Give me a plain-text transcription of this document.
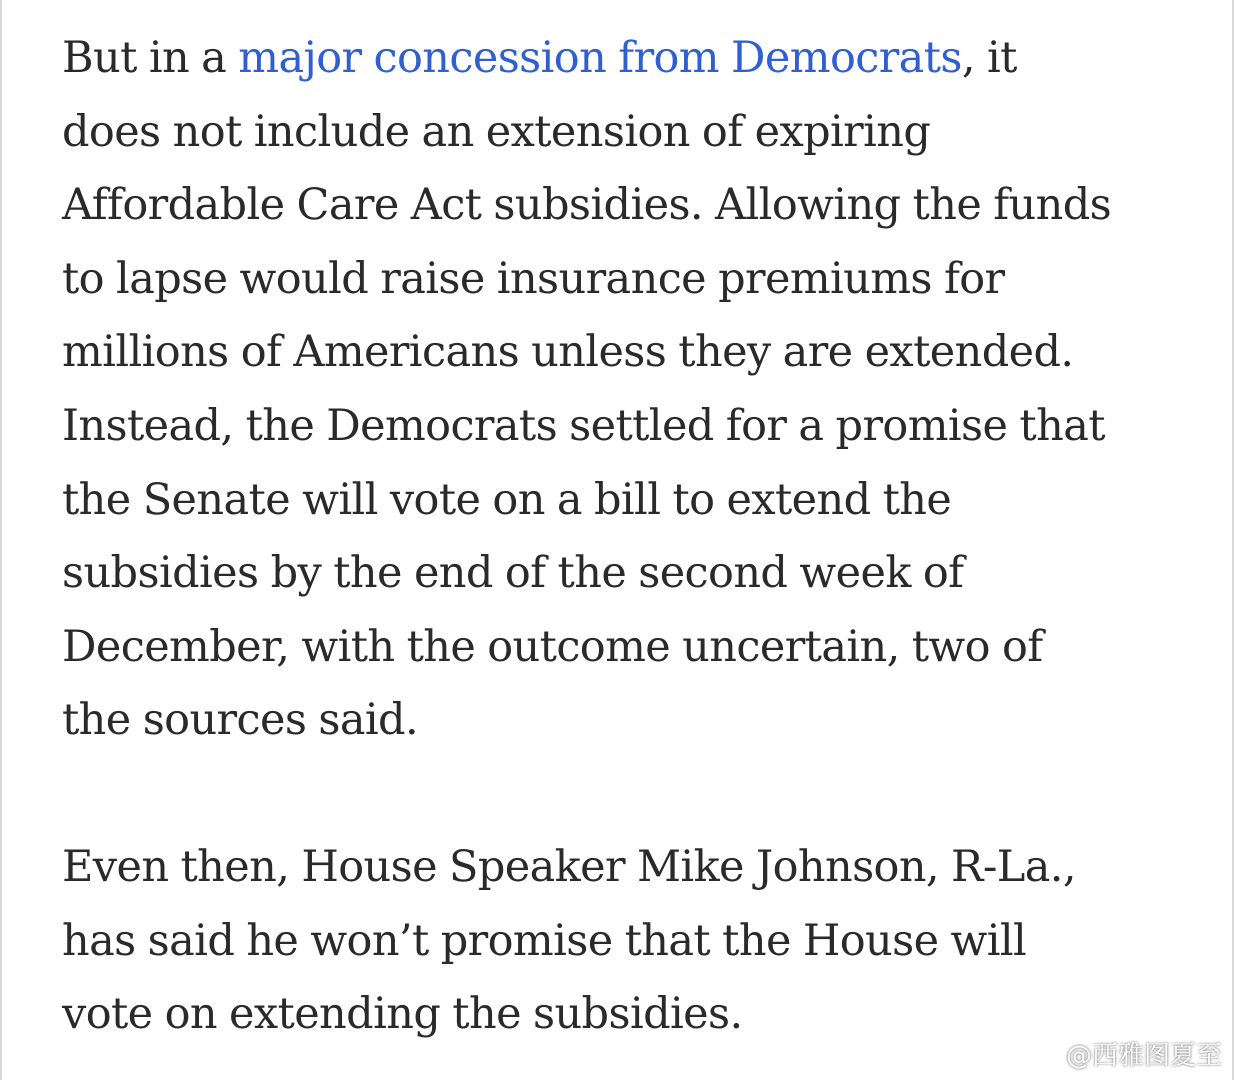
But in a major concession from Democrats, it
does not include an extension of expiring
Affordable Care Act subsidies. Allowing the funds
to lapse would raise insurance premiums for
millions of Americans unless they are extended.
Instead, the Democrats settled for a promise that
the Senate will vote on a bill to extend the
subsidies by the end of the second week of
December, with the outcome uncertain, two of
the sources said.

Even then, House Speaker Mike Johnson, R-La.,
has said he won’t promise that the House will
vote on extending the subsidies.

@西雅图夏至
